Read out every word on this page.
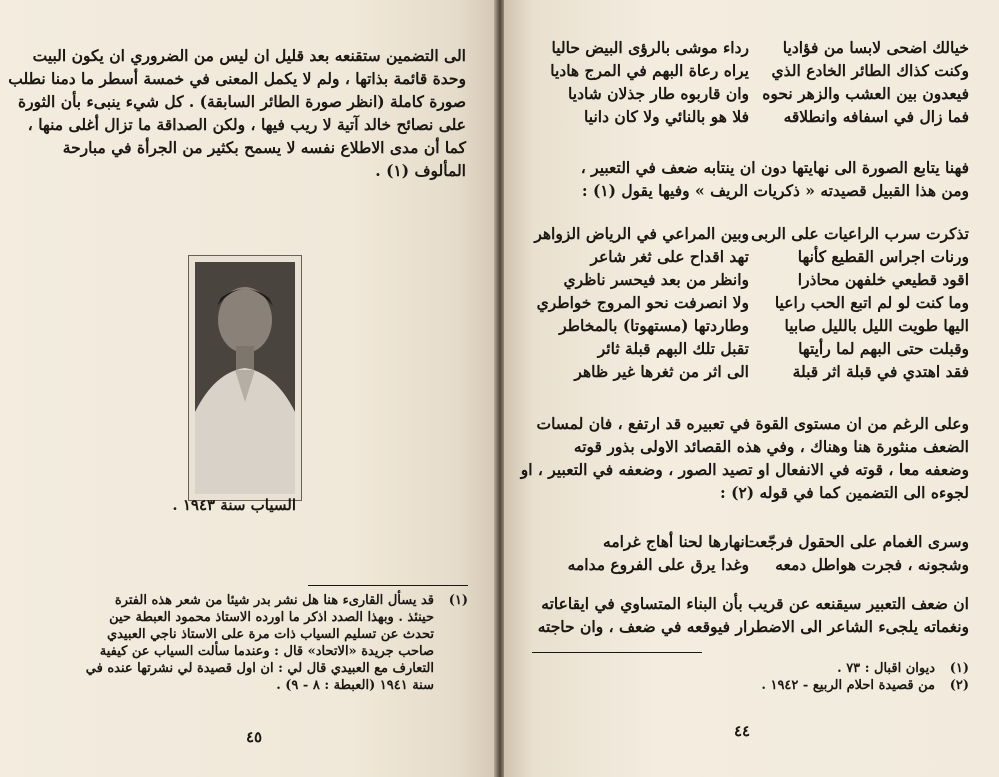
الى التضمين ستقنعه بعد قليل ان ليس من الضروري ان يكون البيت

وحدة قائمة بذاتها ، ولم لا يكمل المعنى في خمسة أسطر ما دمنا نطلب

صورة كاملة (انظر صورة الطائر السابقة) . كل شيء ينبىء بأن الثورة

على نصائح خالد آتية لا ريب فيها ، ولكن الصداقة ما تزال أغلى منها ،

كما أن مدى الاطلاع نفسه لا يسمح بكثير من الجرأة في مبارحة

المألوف (١) .

السياب سنة ١٩٤٣ .
(١)
قد يسأل القارىء هنا هل نشر بدر شيئا من شعر هذه الفترة
حينئذ . وبهذا الصدد اذكر ما اورده الاستاذ محمود العبطة حين
تحدث عن تسليم السياب ذات مرة على الاستاذ ناجي العبيدي
صاحب جريدة «الاتحاد» قال : وعندما سألت السياب عن كيفية
التعارف مع العبيدي قال لي : ان اول قصيدة لي نشرتها عنده في
سنة ١٩٤١ (العبطة : ٨ - ٩) .
٤٥
خيالك اضحى لابسا من فؤاديا
رداء موشى بالرؤى البيض حاليا
وكنت كذاك الطائر الخادع الذي
يراه رعاة البهم في المرج هاديا
فيعدون بين العشب والزهر نحوه
وان قاربوه طار جذلان شاديا
فما زال في اسفافه وانطلاقه
فلا هو بالنائي ولا كان دانيا

فهنا يتابع الصورة الى نهايتها دون ان ينتابه ضعف في التعبير ،

ومن هذا القبيل قصيدته « ذكريات الريف » وفيها يقول (١) :

تذكرت سرب الراعيات على الربى
وبين المراعي في الرياض الزواهر
ورنات اجراس القطيع كأنها
تهد اقداح على ثغر شاعر
اقود قطيعي خلفهن محاذرا
وانظر من بعد فيحسر ناظري
وما كنت لو لم اتبع الحب راعيا
ولا انصرفت نحو المروج خواطري
اليها طويت الليل بالليل صابيا
وطاردتها (مستهوتا) بالمخاطر
وقبلت حتى البهم لما رأيتها
تقبل تلك البهم قبلة ثائر
فقد اهتدي في قبلة اثر قبلة
الى اثر من ثغرها غير ظاهر

وعلى الرغم من ان مستوى القوة في تعبيره قد ارتفع ، فان لمسات

الضعف منثورة هنا وهناك ، وفي هذه القصائد الاولى بذور قوته

وضعفه معا ، قوته في الانفعال او تصيد الصور ، وضعفه في التعبير ، او

لجوءه الى التضمين كما في قوله (٢) :

وسرى الغمام على الحقول فرجّعت
انهارها لحنا أهاج غرامه
وشجونه ، فجرت هواطل دمعه
وغدا يرق على الفروع مدامه

ان ضعف التعبير سيقنعه عن قريب بأن البناء المتساوي في ايقاعاته

ونغماته يلجىء الشاعر الى الاضطرار فيوقعه في ضعف ، وان حاجته

(١)
ديوان اقبال : ٧٣ .
(٢)
من قصيدة احلام الربيع - ١٩٤٢ .
٤٤
